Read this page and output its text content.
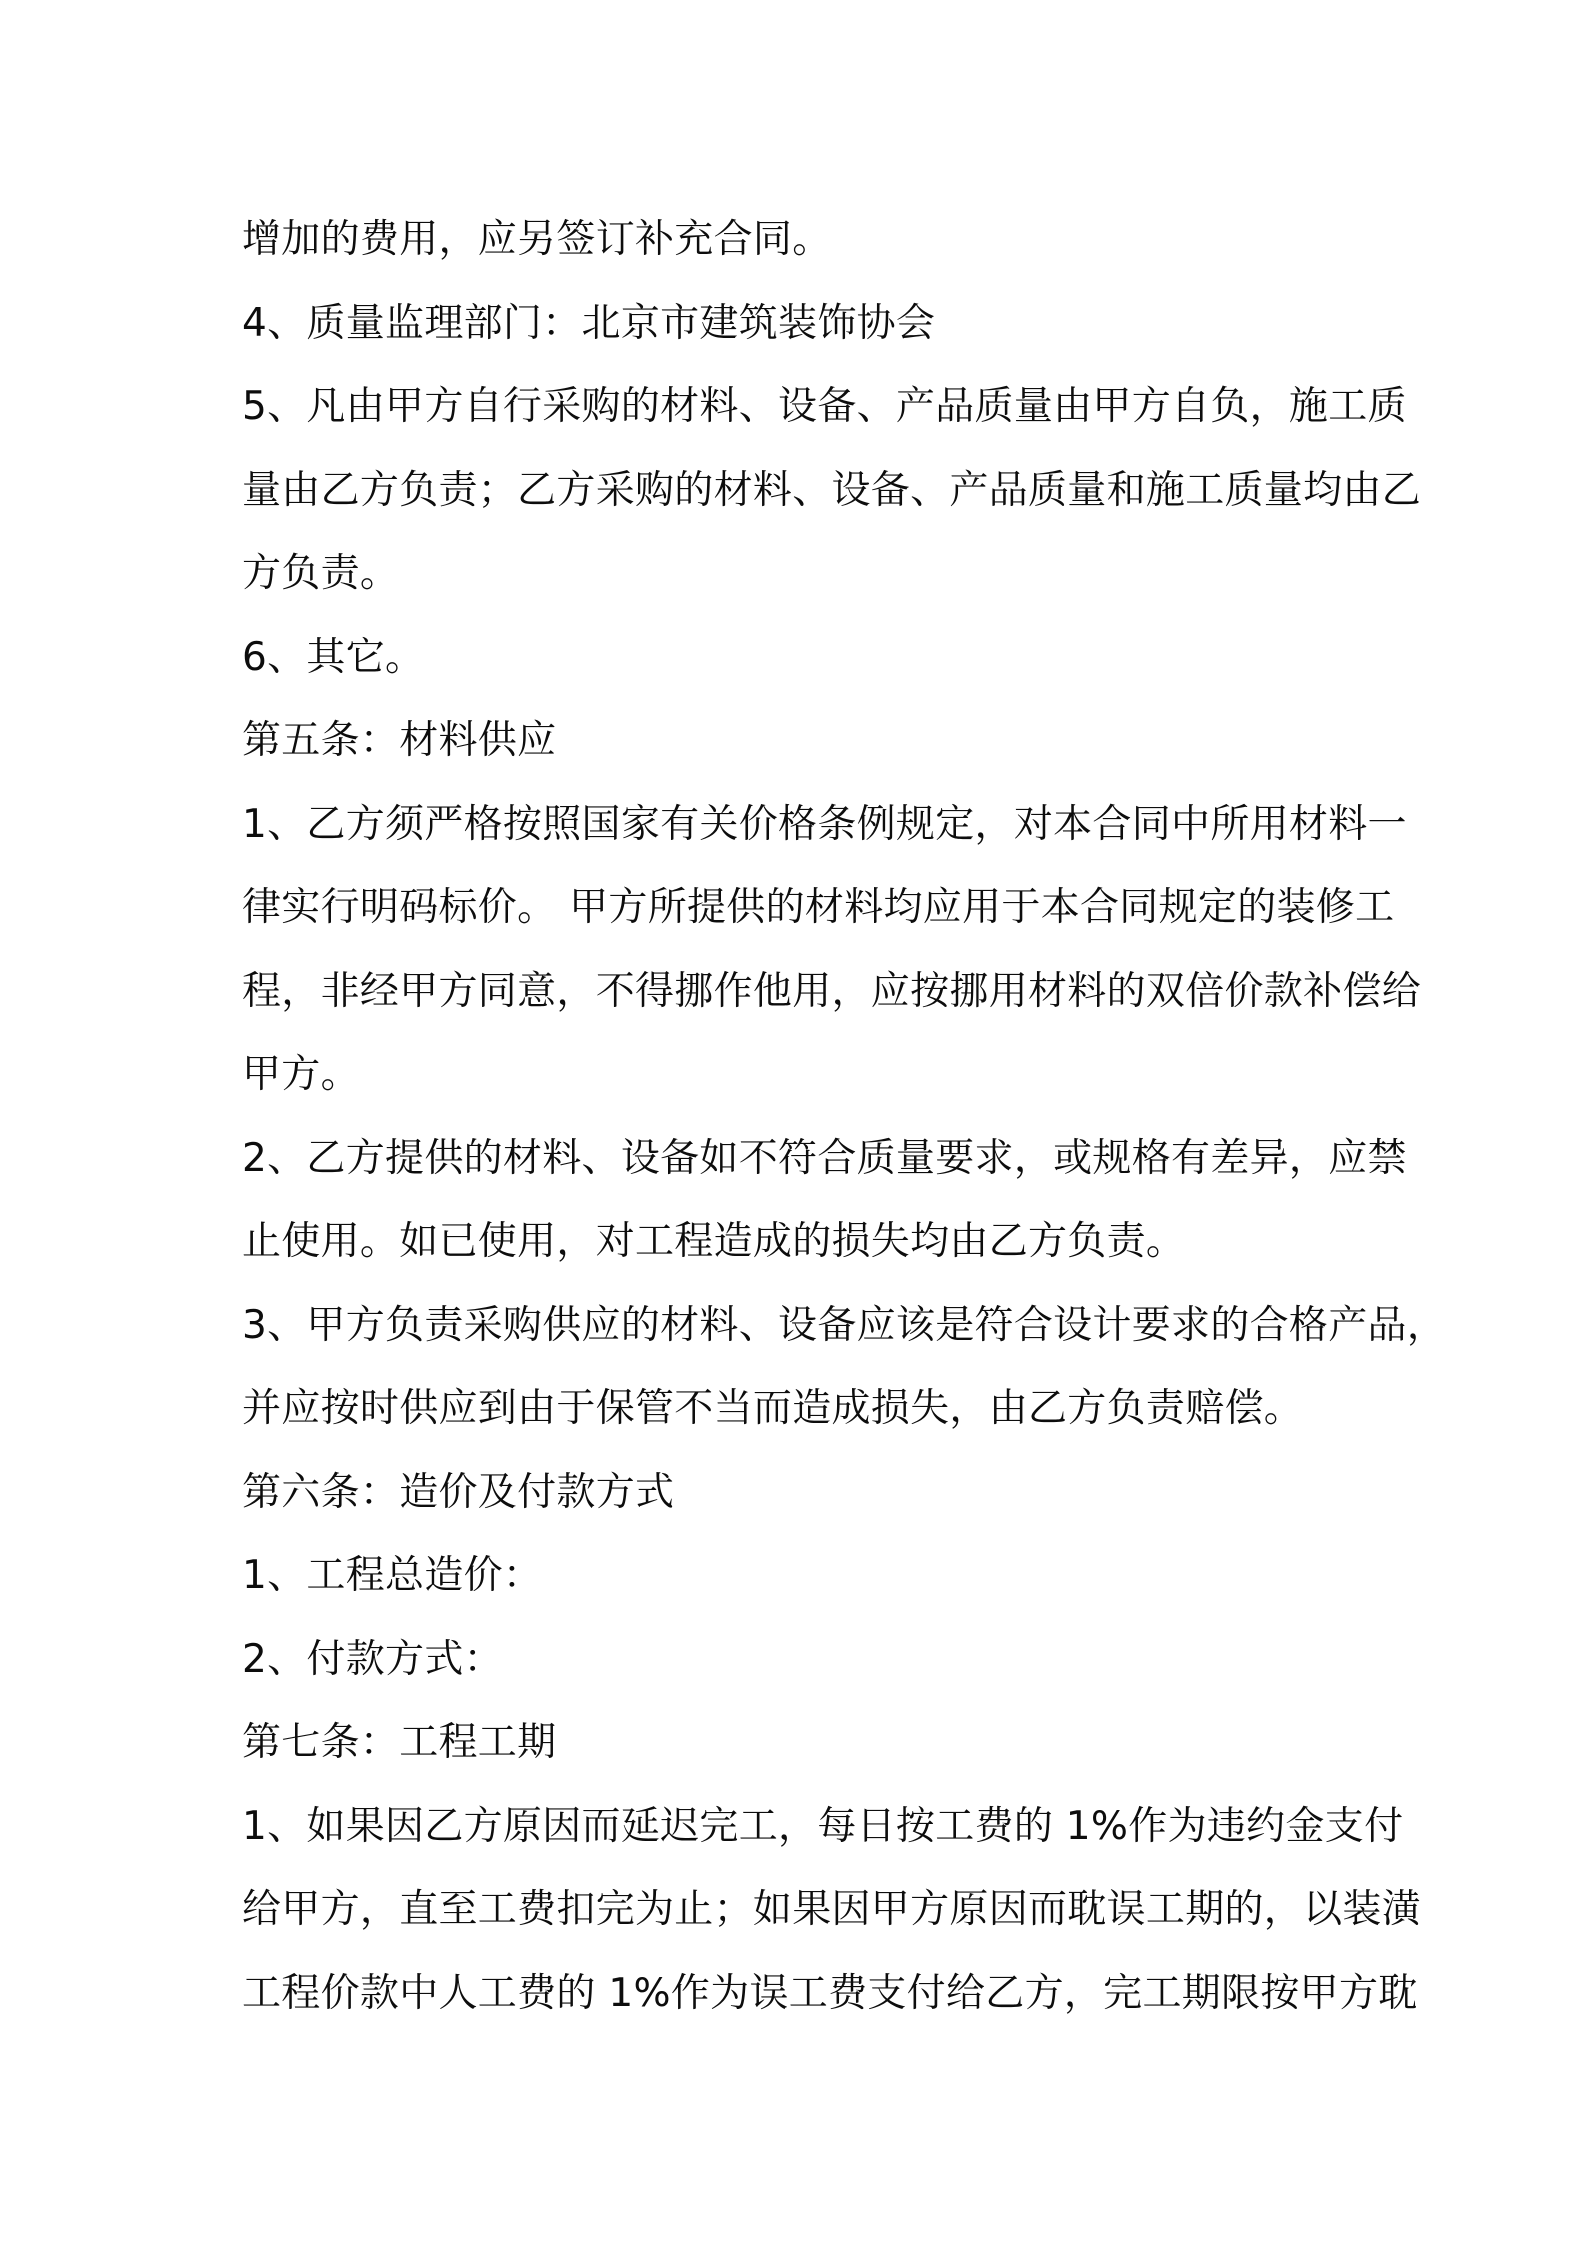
增加的费用，应另签订补充合同。
4、质量监理部门：北京市建筑装饰协会
5、凡由甲方自行采购的材料、设备、产品质量由甲方自负，施工质
量由乙方负责；乙方采购的材料、设备、产品质量和施工质量均由乙
方负责。
6、其它。
第五条：材料供应
1、乙方须严格按照国家有关价格条例规定，对本合同中所用材料一
律实行明码标价。 甲方所提供的材料均应用于本合同规定的装修工
程，非经甲方同意，不得挪作他用，应按挪用材料的双倍价款补偿给
甲方。
2、乙方提供的材料、设备如不符合质量要求，或规格有差异，应禁
止使用。如已使用，对工程造成的损失均由乙方负责。
3、甲方负责采购供应的材料、设备应该是符合设计要求的合格产品，
并应按时供应到由于保管不当而造成损失，由乙方负责赔偿。
第六条：造价及付款方式
1、工程总造价：
2、付款方式：
第七条：工程工期
1、如果因乙方原因而延迟完工，每日按工费的 1%作为违约金支付
给甲方，直至工费扣完为止；如果因甲方原因而耽误工期的，以装潢
工程价款中人工费的 1%作为误工费支付给乙方，完工期限按甲方耽
